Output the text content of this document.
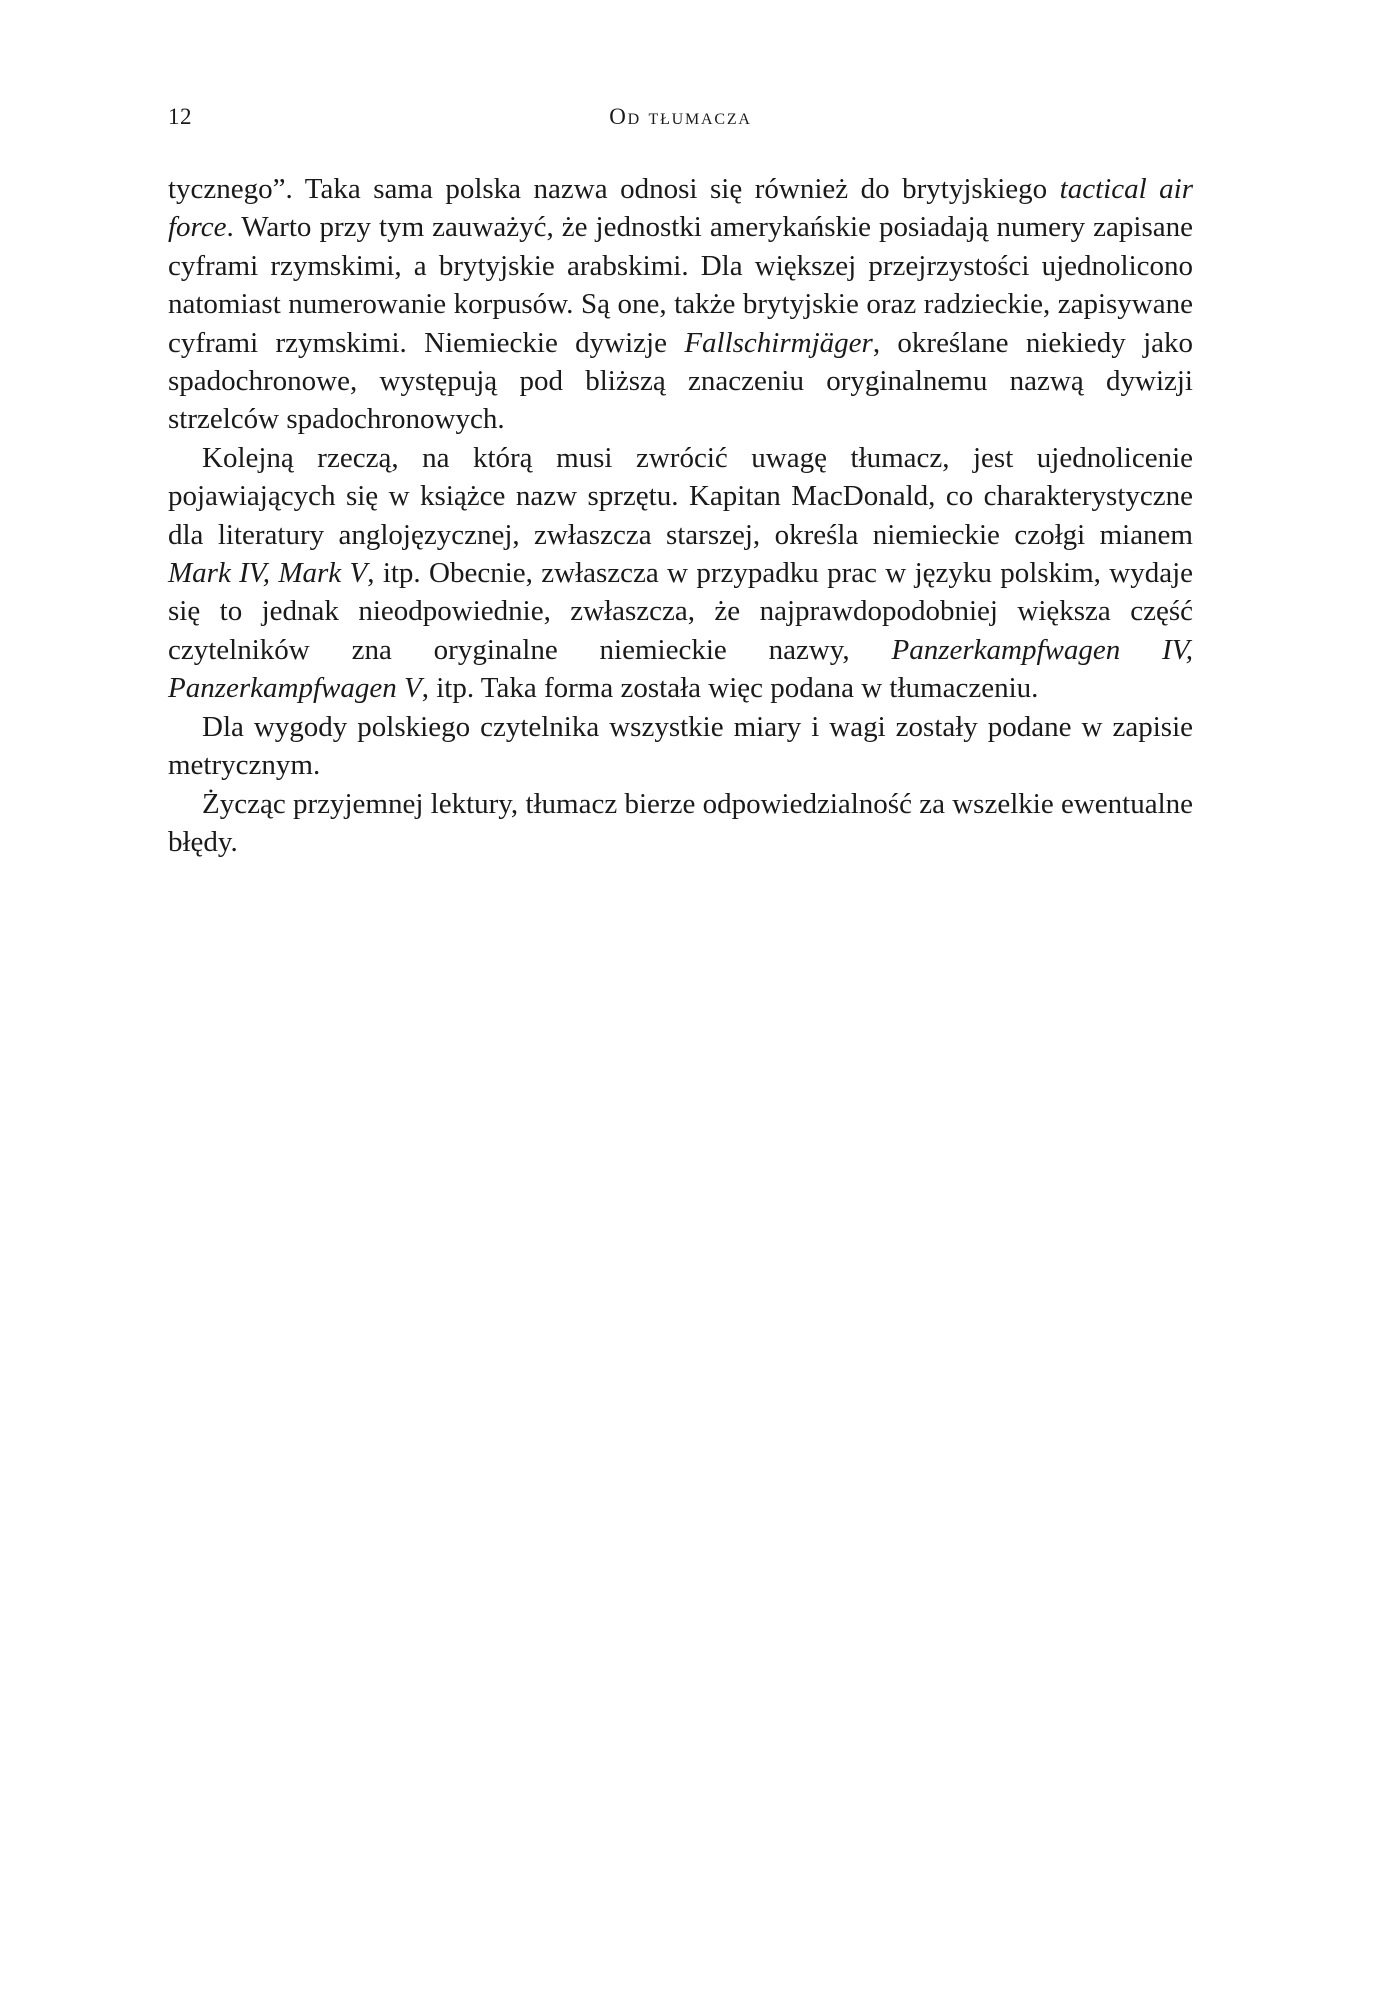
12	Od tłumacza

tycznego”. Taka sama polska nazwa odnosi się również do brytyjskiego tactical air force. Warto przy tym zauważyć, że jednostki amerykańskie posiadają numery zapisane cyframi rzymskimi, a brytyjskie arabskimi. Dla większej przejrzystości ujednolicono natomiast numerowanie korpusów. Są one, także brytyjskie oraz radzieckie, zapisywane cyframi rzymskimi. Niemieckie dywizje Fallschirmjäger, określane niekiedy jako spadochronowe, występują pod bliższą znaczeniu oryginalnemu nazwą dywizji strzelców spadochronowych.

Kolejną rzeczą, na którą musi zwrócić uwagę tłumacz, jest ujednolicenie pojawiających się w książce nazw sprzętu. Kapitan MacDonald, co charakterystyczne dla literatury anglojęzycznej, zwłaszcza starszej, określa niemieckie czołgi mianem Mark IV, Mark V, itp. Obecnie, zwłaszcza w przypadku prac w języku polskim, wydaje się to jednak nieodpowiednie, zwłaszcza, że najprawdopodobniej większa część czytelników zna oryginalne niemieckie nazwy, Panzerkampfwagen IV, Panzerkampfwagen V, itp. Taka forma została więc podana w tłumaczeniu.

Dla wygody polskiego czytelnika wszystkie miary i wagi zostały podane w zapisie metrycznym.

Życząc przyjemnej lektury, tłumacz bierze odpowiedzialność za wszelkie ewentualne błędy.
